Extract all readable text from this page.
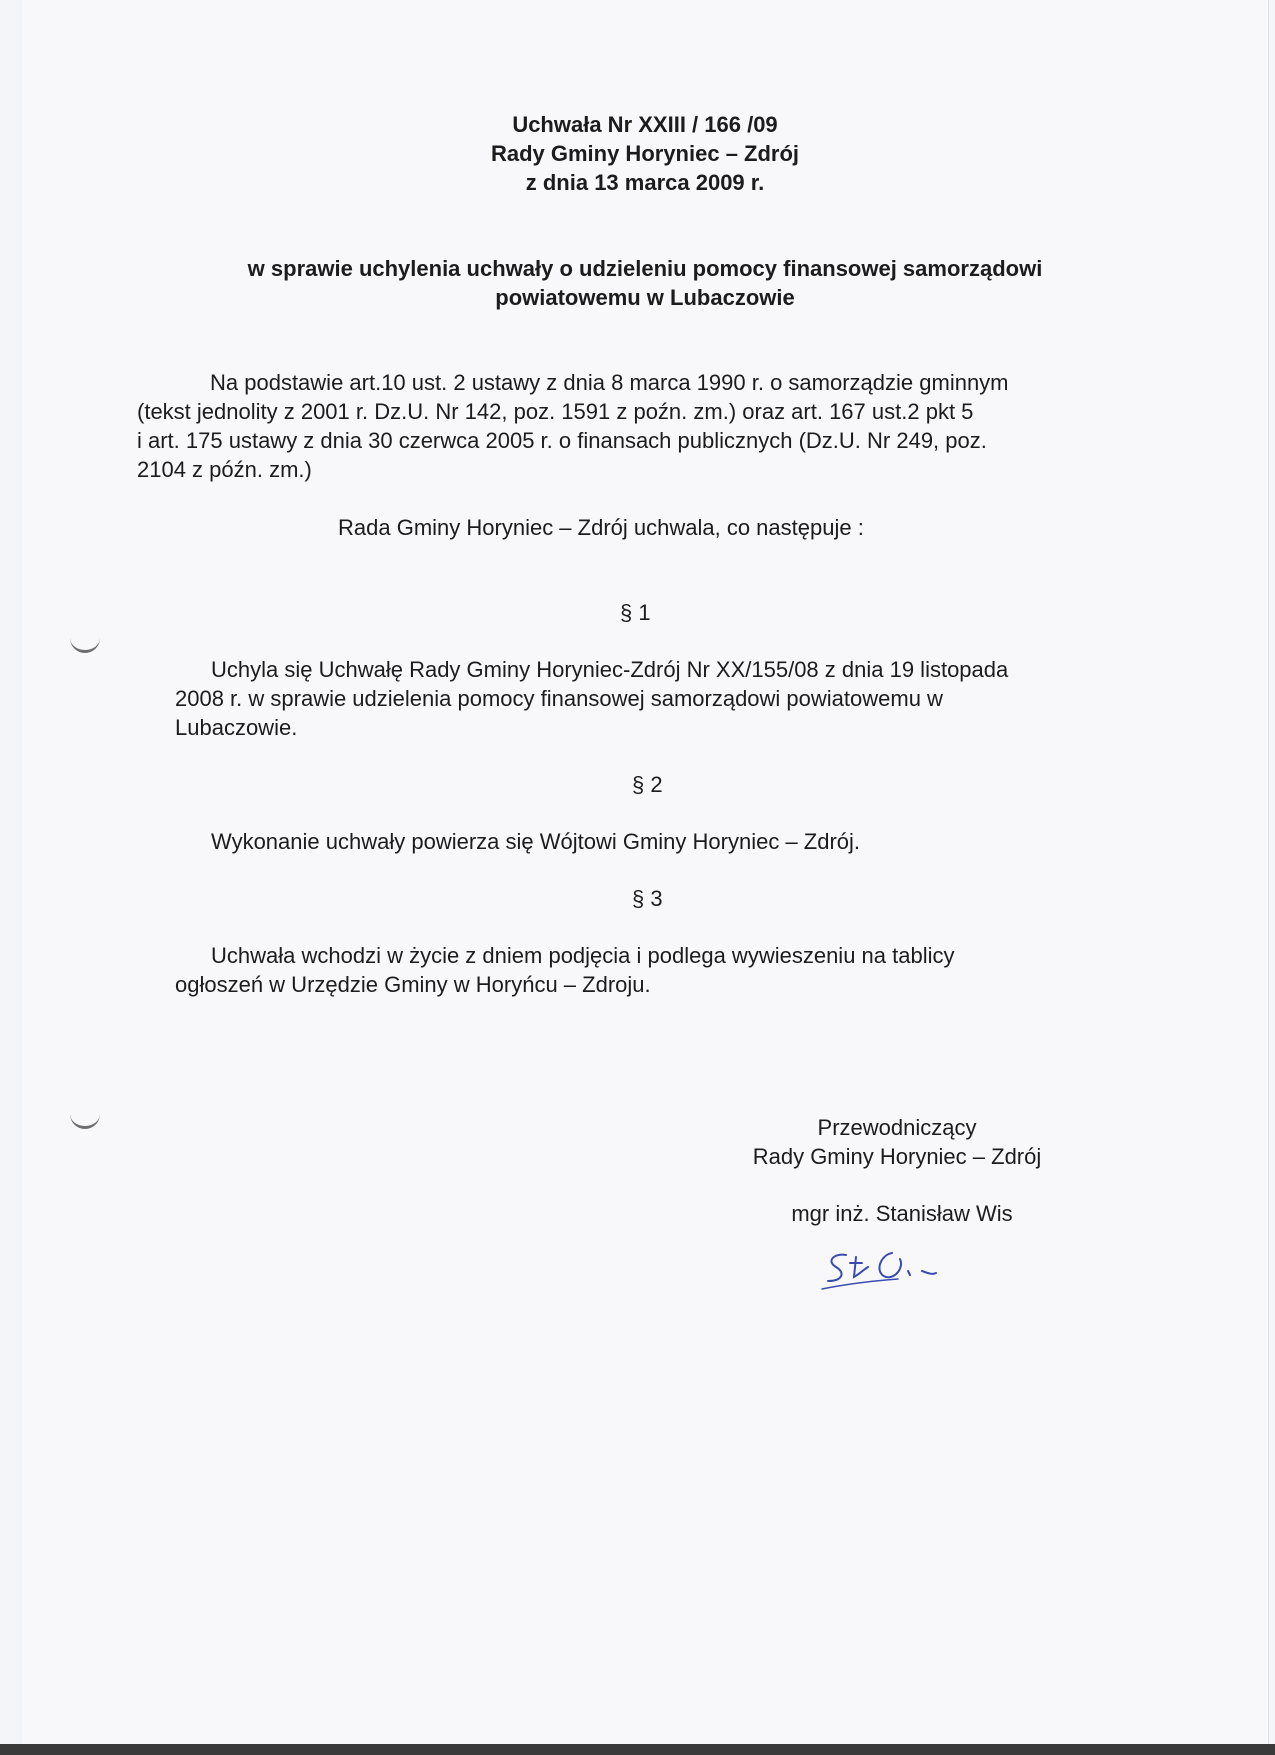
Uchwała Nr XXIII / 166 /09
Rady Gminy Horyniec – Zdrój
z dnia 13 marca 2009 r.
w sprawie uchylenia uchwały o udzieleniu pomocy finansowej samorządowi
powiatowemu w Lubaczowie
Na podstawie art.10 ust. 2 ustawy z dnia 8 marca 1990 r. o samorządzie gminnym
(tekst jednolity z 2001 r. Dz.U. Nr 142, poz. 1591 z poźn. zm.) oraz art. 167 ust.2 pkt 5
i art. 175 ustawy z dnia 30 czerwca 2005 r. o finansach publicznych (Dz.U. Nr 249, poz.
2104 z późn. zm.)
Rada Gminy Horyniec – Zdrój uchwala, co następuje :
§ 1
Uchyla się Uchwałę Rady Gminy Horyniec-Zdrój Nr XX/155/08 z dnia 19 listopada
2008 r. w sprawie udzielenia pomocy finansowej samorządowi powiatowemu w
Lubaczowie.
§ 2
Wykonanie uchwały powierza się Wójtowi Gminy Horyniec – Zdrój.
§ 3
Uchwała wchodzi w życie z dniem podjęcia i podlega wywieszeniu na tablicy
ogłoszeń w Urzędzie Gminy w Horyńcu – Zdroju.
Przewodniczący
Rady Gminy Horyniec – Zdrój
mgr inż. Stanisław Wis
